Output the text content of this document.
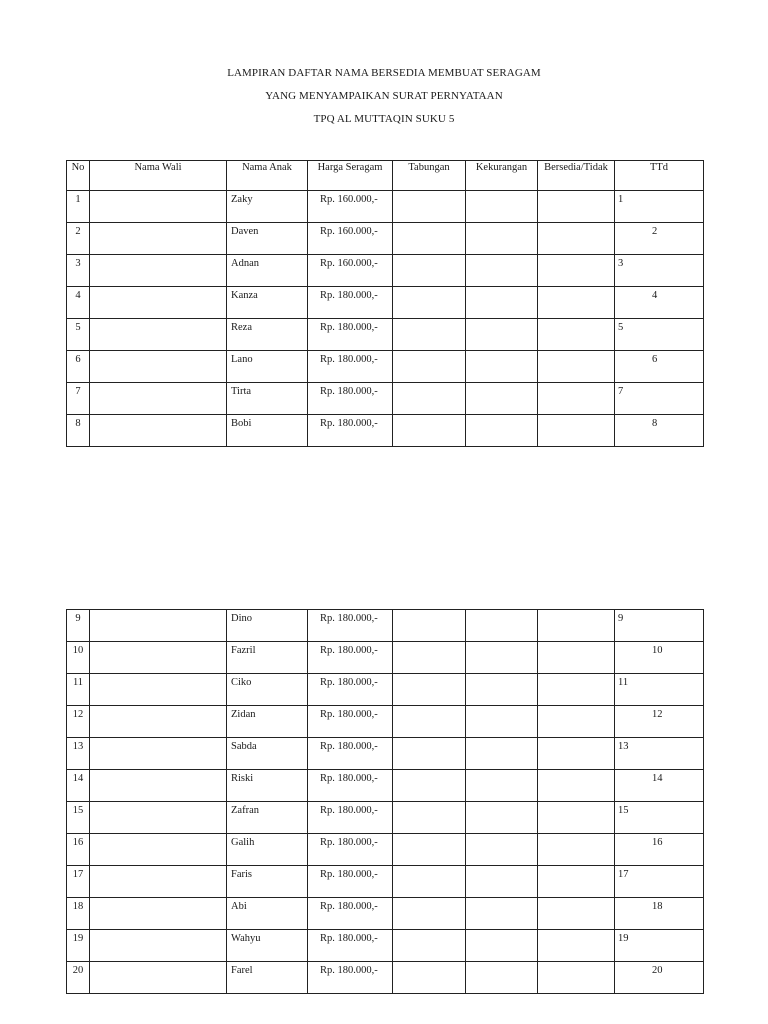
LAMPIRAN DAFTAR NAMA BERSEDIA MEMBUAT SERAGAM
YANG MENYAMPAIKAN SURAT PERNYATAAN
TPQ AL MUTTAQIN SUKU 5
No	Nama Wali	Nama Anak	Harga Seragam	Tabungan	Kekurangan	Bersedia/Tidak	TTd

1		Zaky	Rp. 160.000,-				1

2		Daven	Rp. 160.000,-				2

3		Adnan	Rp. 160.000,-				3

4		Kanza	Rp. 180.000,-				4

5		Reza	Rp. 180.000,-				5

6		Lano	Rp. 180.000,-				6

7		Tirta	Rp. 180.000,-				7

8		Bobi	Rp. 180.000,-				8
9		Dino	Rp. 180.000,-				9

10		Fazril	Rp. 180.000,-				10

11		Ciko	Rp. 180.000,-				11

12		Zidan	Rp. 180.000,-				12

13		Sabda	Rp. 180.000,-				13

14		Riski	Rp. 180.000,-				14

15		Zafran	Rp. 180.000,-				15

16		Galih	Rp. 180.000,-				16

17		Faris	Rp. 180.000,-				17

18		Abi	Rp. 180.000,-				18

19		Wahyu	Rp. 180.000,-				19

20		Farel	Rp. 180.000,-				20
